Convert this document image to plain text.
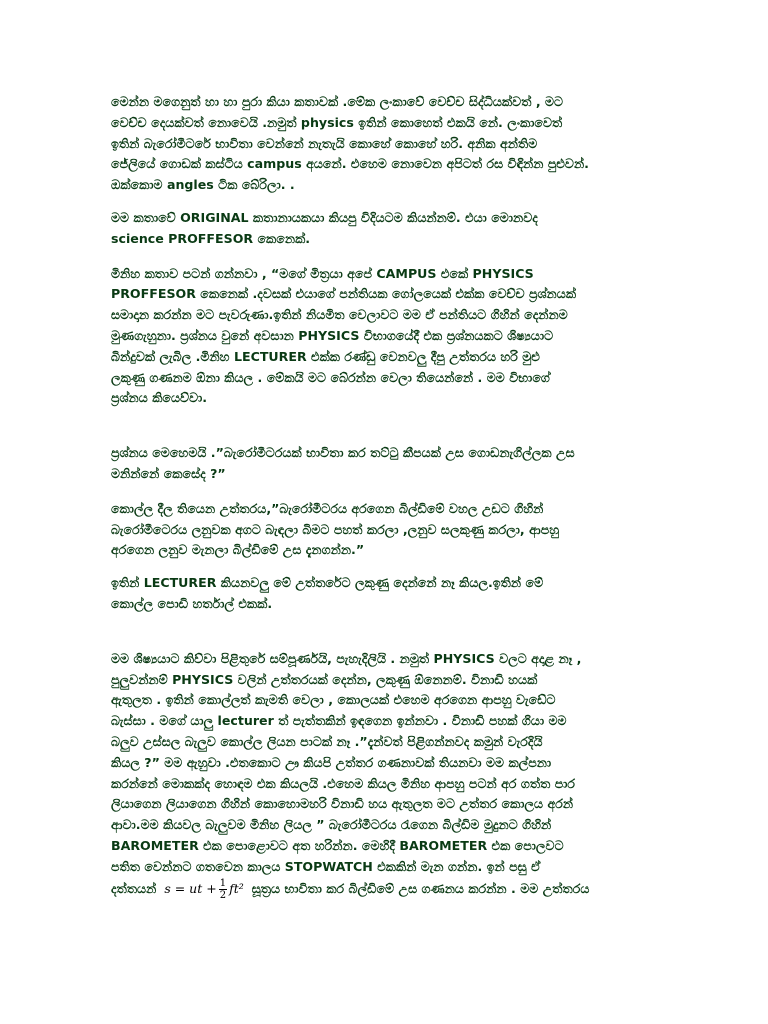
මෙන්න මගෙනුත් හා හා පුරා කියා කතාවක් .මේක ලංකාවේ වෙච්ච සිද්ධියක්වත් , මට
වෙච්ච දෙයක්වත් නොවෙයි .නමුත් physics ඉතින් කොහෙත් එකයි නේ. ලංකාවෙත්
ඉතින් බැරෝමීටරේ භාවිතා වෙන්නේ නැතැයි කොහේ කොහේ හරි. අනික අන්තිම
ජේලියේ ගොඩක් කස්ටිය campus අයනේ. එහෙම නොවෙන අපිටත් රස විඳින්න පුළුවන්.
ඔක්කොම angles ටික බේරිලා. .

මම කතාවේ ORIGINAL කතානායකයා කියපු විදියටම කියන්නම්. එයා මොනවද
science PROFFESOR කෙනෙක්.

මිනිහ කතාව පටන් ගන්නවා , “මගේ මිත්‍රයා අපේ CAMPUS එකේ PHYSICS
PROFFESOR කෙනෙක් .දවසක් එයාගේ පන්තියක ගෝලයෙක් එක්ක වෙච්ච ප්‍රශ්නයක්
සමාදාන කරන්න මට පැවරුණා.ඉතින් නියමිත වෙලාවට මම ඒ පන්තියට ගිහින් දෙන්නම
මුණගැහුනා. ප්‍රශ්නය වුනේ අවසාන PHYSICS විභාගයේදී එක ප්‍රශ්නයකට ශිෂ්‍යයාට
බින්දුවක් ලැබිල .මිනිහ LECTURER එක්ක රණ්ඩු වෙනවලු දීපු උත්තරය හරි මුළු
ලකුණු ගණනම ඕනා කියල . මේකයි මට බේරන්න වෙලා තියෙන්නේ . මම විභාගේ
ප්‍රශ්නය කියෙව්වා.

ප්‍රශ්නය මෙහෙමයි .”බැරෝමීටරයක් භාවිතා කර තට්ටු කීපයක් උස ගොඩනැගිල්ලක උස
මනින්නේ කෙසේද ?”

කොල්ල දීල තියෙන උත්තරය,”බැරෝමීටරය අරගෙන බිල්ඩිමේ වහල උඩට ගිහින්
බැරෝමීටෙරය ලනුවක අගට බැඳලා බිමට පහත් කරලා ,ලනුව සලකුණු කරලා, ආපහු
අරගෙන ලනුව මැනලා බිල්ඩිමේ උස දැනගන්න.”

ඉතින් LECTURER කියනවලු මේ උත්තරේට ලකුණු දෙන්නේ නෑ කියල.ඉතින් මේ
කොල්ල පොඩි හර්තාල් එකක්.

මම ශිෂ්‍යයාට කිව්වා පිළිතුරේ සම්පූර්ණයි, පැහැදිලියි . නමුත් PHYSICS වලට අදාළ නෑ ,
පුලුවන්නම් PHYSICS වලින් උත්තරයක් දෙන්න, ලකුණු ඕනෙනම්. විනාඩි හයක්
ඇතුලත . ඉතින් කොල්ලත් කැමති වෙලා , කොලයක් එහෙම අරගෙන ආපහු වැඩේට
බැස්සා . මගේ යාලු lecturer ත් පැත්තකින් ඉඳගෙන ඉන්නවා . විනාඩි පහක් ගියා මම
බලුව උස්සල බැලුව කොල්ල ලියන පාටක් නෑ .”දැන්වත් පිළිගන්නවද කමුන් වැරදියි
කියල ?” මම ඇහුවා .එතකොට ඌ කියපි උත්තර ගණනාවක් තියනවා මම කල්පනා
කරන්නේ මොකක්ද හොඳම එක කියලයි .එහෙම කියල මිනිහ ආපහු පටන් අර ගත්ත පාර
ලියාගෙන ලියාගෙන ගිහින් කොහොමහරි විනාඩි හය ඇතුලත මට උත්තර කොලය අරන්
ආවා.මම කියවල බැලුවම මිනිහ ලියල ” බැරෝමීටරය රැගෙන බිල්ඩිම මුදුනට ගිහින්
BAROMETER එක පොළොවට අත හරින්න. මෙහිදී BAROMETER එක පොලවට
පතිත වෙන්නට ගතවෙන කාලය STOPWATCH එකකින් මැන ගන්න. ඉන් පසු ඒ

දත්තයන් s = ut + $\frac{1}{2} ft^2$ සූත්‍රය භාවිතා කර බිල්ඩිමේ උස ගණනය කරන්න . මම උත්තරය
